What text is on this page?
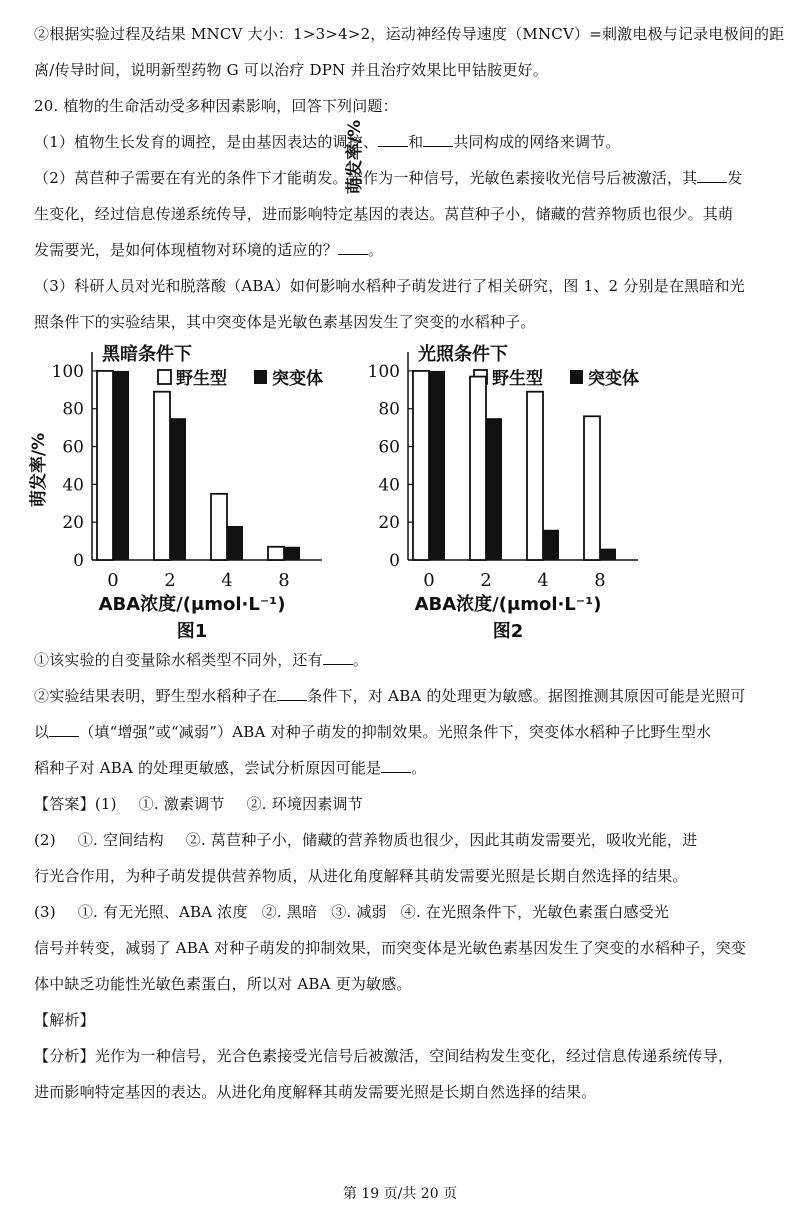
②根据实验过程及结果 MNCV 大小：1>3>4>2，运动神经传导速度（MNCV）=刺激电极与记录电极间的距
离/传导时间，说明新型药物 G 可以治疗 DPN 并且治疗效果比甲钴胺更好。
20. 植物的生命活动受多种因素影响，回答下列问题：
（1）植物生长发育的调控，是由基因表达的调控、 和 共同构成的网络来调节。
（2）莴苣种子需要在有光的条件下才能萌发。光作为一种信号，光敏色素接收光信号后被激活，其 发
生变化，经过信息传递系统传导，进而影响特定基因的表达。莴苣种子小，储藏的营养物质也很少。其萌
发需要光，是如何体现植物对环境的适应的？ 。
（3）科研人员对光和脱落酸（ABA）如何影响水稻种子萌发进行了相关研究，图 1、2 分别是在黑暗和光
照条件下的实验结果，其中突变体是光敏色素基因发生了突变的水稻种子。
0
20
40
60
80
100
萌发率/%
黑暗条件下
野生型	突变体
0	2	4	8
ABA浓度/(μmol·L⁻¹)
图1
0
20
40
60
80
100
萌发率/%
光照条件下
野生型	突变体
0	2	4	8
ABA浓度/(μmol·L⁻¹)
图2
①该实验的自变量除水稻类型不同外，还有 。
②实验结果表明，野生型水稻种子在 条件下，对 ABA 的处理更为敏感。据图推测其原因可能是光照可
以 （填“增强”或“减弱”）ABA 对种子萌发的抑制效果。光照条件下，突变体水稻种子比野生型水
稻种子对 ABA 的处理更敏感，尝试分析原因可能是 。
【答案】(1) ①. 激素调节 ②. 环境因素调节
(2) ①. 空间结构 ②. 莴苣种子小，储藏的营养物质也很少，因此其萌发需要光，吸收光能，进
行光合作用，为种子萌发提供营养物质，从进化角度解释其萌发需要光照是长期自然选择的结果。
(3) ①. 有无光照、ABA 浓度 ②. 黑暗 ③. 减弱 ④. 在光照条件下，光敏色素蛋白感受光
信号并转变，减弱了 ABA 对种子萌发的抑制效果，而突变体是光敏色素基因发生了突变的水稻种子，突变
体中缺乏功能性光敏色素蛋白，所以对 ABA 更为敏感。
【解析】
【分析】光作为一种信号，光合色素接受光信号后被激活，空间结构发生变化，经过信息传递系统传导，
进而影响特定基因的表达。从进化角度解释其萌发需要光照是长期自然选择的结果。
第 19 页/共 20 页
